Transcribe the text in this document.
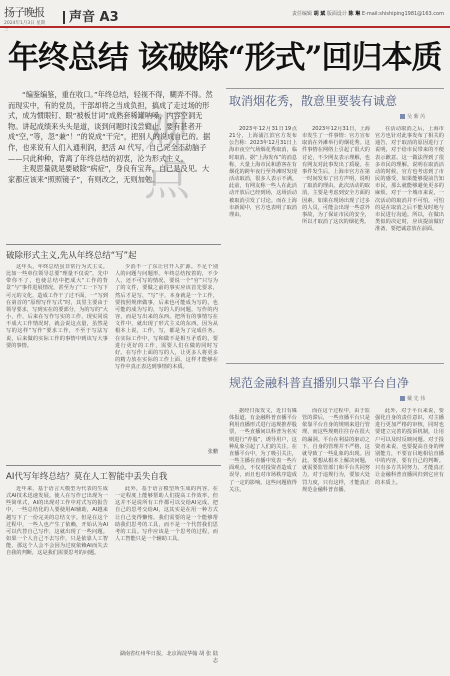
扬子晚报
2024年1月3日 星期三
声音 A3	责任编辑 胡 斌 版面设计 陈 琳 E-mail:shishiping1981@163.com
年终总结 该破除“形式”回归本质
观点
“编鉴编鉴，重在收口。”年终总结，轻视不得，糊弄不得。然而现实中，有的党员，干部却将之当成负担，搞成了走过场的形式，成为惯眼钉、眼“被板甘词”成熟套稀罐呐嗓，内容空洞无物。讲起成绩来头头是道，谈到问题时浅尝辄止，要有甚者开成“空，”等，忽“兼“！”的说成“干完”，把别人的说成自己的。据作，也来说有人们入通利润，把活 AI 代写，自己完全不动脑子——只此种种，背离了年终总结的初衷，沦为形式主义。
主观思量就是要破除“病症”，身良有宝奔，自己是没见。大家都应该来“照照镜子”，有则改之，无则加勉。
破除形式主义,先从年终总结“写”起

这年头，年终总结虽非常行为式主义。比如一些单位领导总要“理量不仅说”，先中带你不了，也使总结中把成大“工作的背景”与“事件进展情况，甚至为了“工一下写下可元的文化，造成工作干了过不面，一“写到在第首的“原理写作写式”时，其里主要由于领导要求，写到实在的要部分，为的写的“大小，作，后来在写作写实的工作，现实同说不成大工作情况时，就会说这点量，虽然是写的这样“写作”要求工作，不至于写法写说，后来做的实际工作的事情中到该写大事要的事情。

少消不一了东让官开人扩源。不足个别人的问题与问题形。年终总结按着的，不少人，还不可写的情况，要说一个“官”只写为了的文件，要做之前的事实应该首先要求，然后才是写，“写”字，本身就是一个工作，要按照规律做事，后来也可能成为写的，也可能的成为写的，写的人的问题，写作的内容，而是写出来的东西。把所有的事情写在文件中，就出现了形式主义的东西。因为从根本上说，工作，写，都是为了完成任务。在实际工作中，写和做不是相互矛盾的，要进行更好的工作，需要人们在做的同时写好。在写作上面的写的人，让更多人将更多的精力放在实际的工作上面，这样才能够在写作中真正表达到事情的本质。

张鹏
AI代写年终总结？莫在人工智能中丢失自我

近年来，基于语言大模型为代表的生成式AI技术迅速发展。使人在写作已出现为一些简单式，AI的出现对工作中对式写的报告中，一些总结化的人要使用AI辅助，AI越来越写下了一份完美的总结文字。但是在这个过程中，一些人也产生了依赖，开始认为AI可以代替自己写作，这就出现了一些问题。如果一个人自己不去写作，只是依靠人工智能，那这个人会不会因为过度依赖AI而失去自我的判断，这是我们需要思考的问题。

此外，基于语言模型所生成的内容，在一定程度上能够帮助人们提高工作效率，但这并不是说所有工作都可以交给AI完成。把自己的思考交给AI，这其实是在用一种方式让自己变得懒惰。我们需要的是一个能够帮助我们思考的工具，而不是一个代替我们思考的工具。写作应该是一个思考的过程，而人工智能只是一个辅助工具。

湖南省红州华日报，北京海淀华翰 胡 张 陆志
取消烟花秀，散意里要装有诚意
吴 紫 芮

2023年12月31日19点21分，上海浦江滨官方发布公告称：2023年12月31日上海市夜空气场烟花秀取消，临时取消。据“上海发布”的消息称，大量上海市民和游客在有烟花的跨年夜行至外滩时发现活动取消，很多人表示不满。此前，有网友称一些人在此活动开放后已经到场，这场活动被取消引发了讨论。而在上海市新闻中，官方也表明了取消理由。

2023年12月31日，上海市发生了一件事情：官方宣布取消在外滩举行的烟花秀。这件事情在网络上引起了很大的讨论，不少网友表示理解，也有网友对此事发出了质疑。在事件发生后，上海市官方在第一时间发布了官方声明，说明了取消的理由。此次活动的取消，主要是考虑到安全方面的因素。如果在现场出现了过多的人员，可能会出现一些意外事故，为了保证市民的安全，所以才取消了这次的烟花秀。

在活动取消之后，上海市官方也针对此事发布了相关的通告，对于取消的原因进行了说明，对于给市民带来的不便表示歉意。这一做法得到了很多市民的理解。说明在取消活动的时候，官方也考虑到了市民的感受，如果能够提前告知市民，那么就能够避免更多的麻烦。对于一个城市来说，一次活动的取消并不可怕，可怕的是在取消之后不能及时地与市民进行沟通。所以，在做出类似的决定时，应该提前做好准备，要把诚意放在前面。

规范金融科普直播别只靠平台自净
戴 先 伟

据经日报发文，近日有媒体报道，有金融科普直播平台利用直播形式进行违规推荐股票，一些直播间以科普为名实则进行“荐股”，诱导用户，这种乱象引起了人们的关注。在直播平台中，为了吸引关注，一些主播在直播中发表一些片面观点，不仅对投资者造成了误导，而且也对市场秩序造成了一定的影响。这些问题值得关注。

而在这个过程中，由于监管的滞后，一些直播平台只是依靠平台自身的规则来进行管理，而这些规则往往存在很大的漏洞。平台在利益的驱动之下，自身的管理并不严格，这就导致了一些乱象的出现。因此，要想从根本上解决问题，就需要监管部门和平台共同努力，对于违规行为，要加大处罚力度，只有这样，才能真正规范金融科普直播。

此外，对于平台来说，要强化自身的责任意识，对主播进行更加严格的审核，同时也要建立完善的投诉机制，让用户可以及时反映问题。对于投资者来说，也要提高自身的辨别能力，不要盲目地相信直播中的内容，要有自己的判断。只有多方共同努力，才能真正让金融科普直播回归到它应有的本质上。
